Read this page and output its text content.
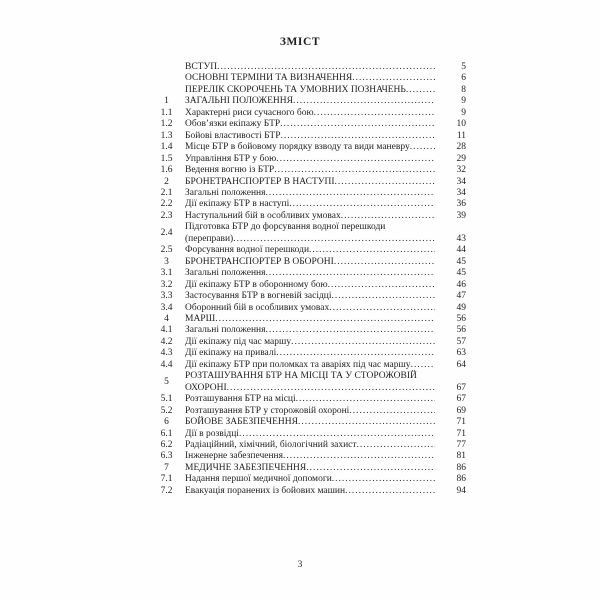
ЗМІСТ
ВСТУП .....	5
ОСНОВНІ ТЕРМІНИ ТА ВИЗНАЧЕННЯ .....	6
ПЕРЕЛІК СКОРОЧЕНЬ ТА УМОВНИХ ПОЗНАЧЕНЬ .....	8
1	ЗАГАЛЬНІ ПОЛОЖЕННЯ .....	9
1.1	Характерні риси сучасного бою .....	9
1.2	Обов’язки екіпажу БТР .....	10
1.3	Бойові властивості БТР .....	11
1.4	Місце БТР в бойовому порядку взводу та види маневру .....	28
1.5	Управління БТР у бою .....	29
1.6	Ведення вогню із БТР .....	32
2	БРОНЕТРАНСПОРТЕР В НАСТУПІ .....	34
2.1	Загальні положення .....	34
2.2	Дії екіпажу БТР в наступі .....	36
2.3	Наступальний бій в особливих умовах .....	39
2.4
Підготовка БТР до форсування водної перешкоди
(переправи) .....	43
2.5	Форсування водної перешкоди .....	44
3	БРОНЕТРАНСПОРТЕР В ОБОРОНІ .....	45
3.1	Загальні положення .....	45
3.2	Дії екіпажу БТР в оборонному бою .....	46
3.3	Застосування БТР в вогневій засідці .....	47
3.4	Оборонний бій в особливих умовах .....	49
4	МАРШ .....	56
4.1	Загальні положення .....	56
4.2	Дії екіпажу під час маршу .....	57
4.3	Дії екіпажу на привалі .....	63
4.4	Дії екіпажу БТР при поломках та аваріях під час маршу .....	64
5
РОЗТАШУВАННЯ БТР НА МІСЦІ ТА У СТОРОЖОВІЙ
ОХОРОНІ .....	67
5.1	Розташування БТР на місці .....	67
5.2	Розташування БТР у сторожовій охороні .....	69
6	БОЙОВЕ ЗАБЕЗПЕЧЕННЯ .....	71
6.1	Дії в розвідці .....	71
6.2	Радіаційний, хімічний, біологічний захист .....	77
6.3	Інженерне забезпечення .....	81
7	МЕДИЧНЕ ЗАБЕЗПЕЧЕННЯ .....	86
7.1	Надання першої медичної допомоги .....	86
7.2	Евакуація поранених із бойових машин .....	94
3
